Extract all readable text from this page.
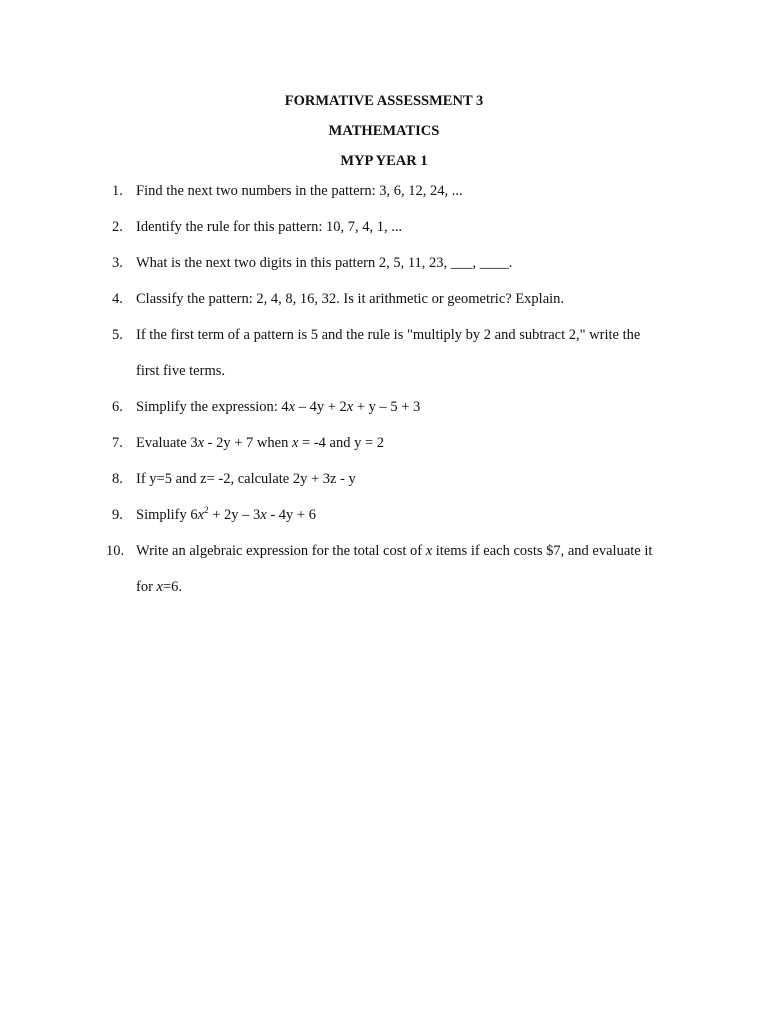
FORMATIVE ASSESSMENT 3
MATHEMATICS
MYP YEAR 1
1. Find the next two numbers in the pattern: 3, 6, 12, 24, ...
2. Identify the rule for this pattern: 10, 7, 4, 1, ...
3. What is the next two digits in this pattern 2, 5, 11, 23, ___, ____.
4. Classify the pattern: 2, 4, 8, 16, 32. Is it arithmetic or geometric? Explain.
5. If the first term of a pattern is 5 and the rule is "multiply by 2 and subtract 2," write the
first five terms.
6. Simplify the expression: 4x – 4y + 2x + y – 5 + 3
7. Evaluate 3x - 2y + 7 when x = -4 and y = 2
8. If y=5 and z= -2, calculate 2y + 3z - y
9. Simplify $6x^2 + 2y - 3x - 4y + 6$
10. Write an algebraic expression for the total cost of x items if each costs $7, and evaluate it
for x=6.
